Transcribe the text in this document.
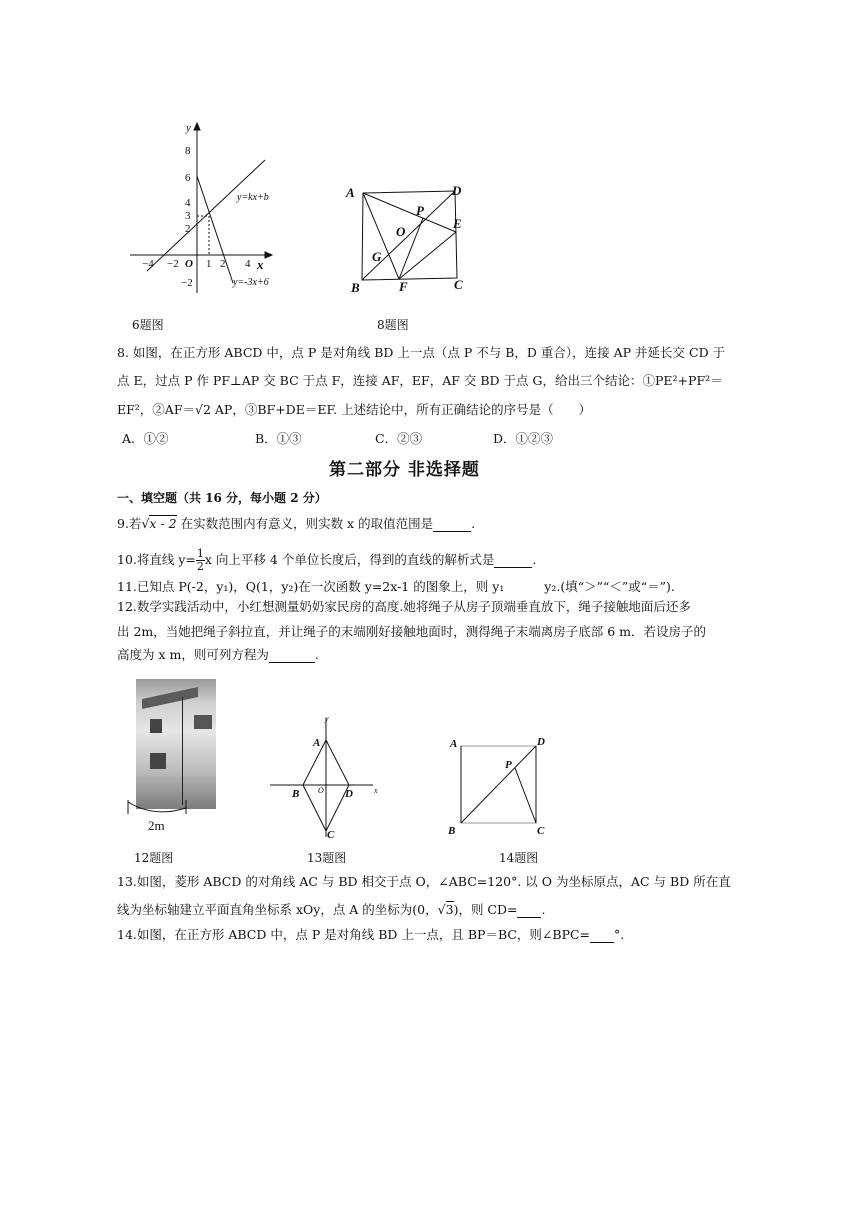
y
x
O
8
6
4
3
2
−2
−4 −2 1 2 4
y=kx+b
y=-3x+6
6题图
A	D
P
O
E
G
B	F	C
8题图
8. 如图，在正方形 ABCD 中，点 P 是对角线 BD 上一点（点 P 不与 B，D 重合），连接 AP 并延长交 CD 于
点 E，过点 P 作 PF⊥AP 交 BC 于点 F，连接 AF，EF，AF 交 BD 于点 G，给出三个结论：①PE²+PF²＝
EF²，②AF＝√2 AP，③BF+DE＝EF. 上述结论中，所有正确结论的序号是（　　）
A．①②	B．①③	C．②③	D．①②③
第二部分 非选择题
一、填空题（共 16 分，每小题 2 分）
9.若√x - 2 在实数范围内有意义，则实数 x 的取值范围是	.
10.将直线 $y= \frac{1}{2}$ x 向上平移 4 个单位长度后，得到的直线的解析式是	.
11.已知点 P(-2，y₁)，Q(1，y₂)在一次函数 y=2x-1 的图象上，则 y₁	y₂.(填“＞”“＜”或“＝”).
12.数学实践活动中，小红想测量奶奶家民房的高度.她将绳子从房子顶端垂直放下，绳子接触地面后还多
出 2m，当她把绳子斜拉直，并让绳子的末端刚好接触地面时，测得绳子末端离房子底部 6 m．若设房子的
高度为 x m，则可列方程为	.
2m
12题图
y
x
A
B O D
C
13题图
A	D
P
B	C
14题图
13.如图，菱形 ABCD 的对角线 AC 与 BD 相交于点 O，∠ABC=120°. 以 O 为坐标原点，AC 与 BD 所在直
线为坐标轴建立平面直角坐标系 xOy，点 A 的坐标为(0，√3)，则 CD= .
14.如图，在正方形 ABCD 中，点 P 是对角线 BD 上一点，且 BP＝BC，则∠BPC= °.
